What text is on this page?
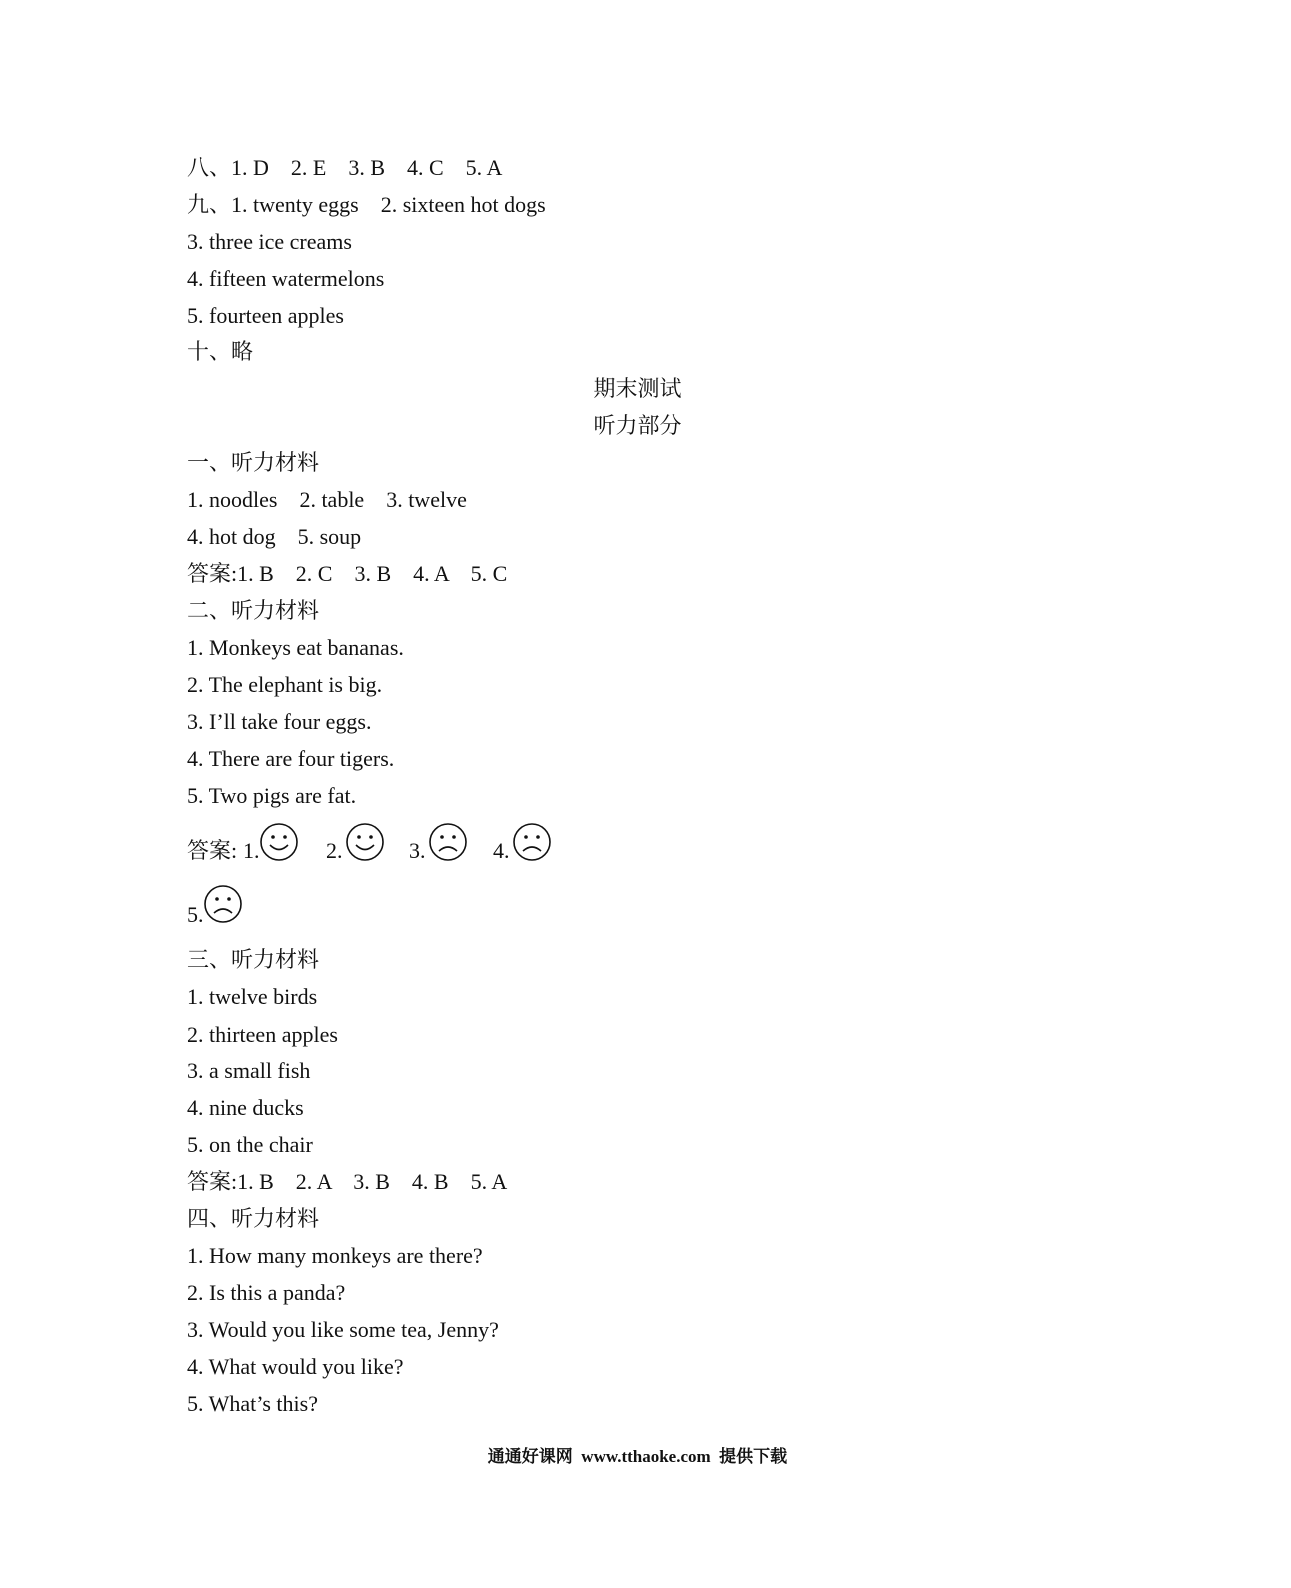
八、1. D    2. E    3. B    4. C    5. A
九、1. twenty eggs    2. sixteen hot dogs
3. three ice creams
4. fifteen watermelons
5. fourteen apples
十、略
期末测试
听力部分
一、听力材料
1. noodles    2. table    3. twelve
4. hot dog    5. soup
答案:1. B    2. C    3. B    4. A    5. C
二、听力材料
1. Monkeys eat bananas.
2. The elephant is big.
3. I’ll take four eggs.
4. There are four tigers.
5. Two pigs are fat.
答案: 1.	2.	3.	4.
5.
三、听力材料
1. twelve birds
2. thirteen apples
3. a small fish
4. nine ducks
5. on the chair
答案:1. B    2. A    3. B    4. B    5. A
四、听力材料
1. How many monkeys are there?
2. Is this a panda?
3. Would you like some tea, Jenny?
4. What would you like?
5. What’s this?
通通好课网  www.tthaoke.com  提供下载
